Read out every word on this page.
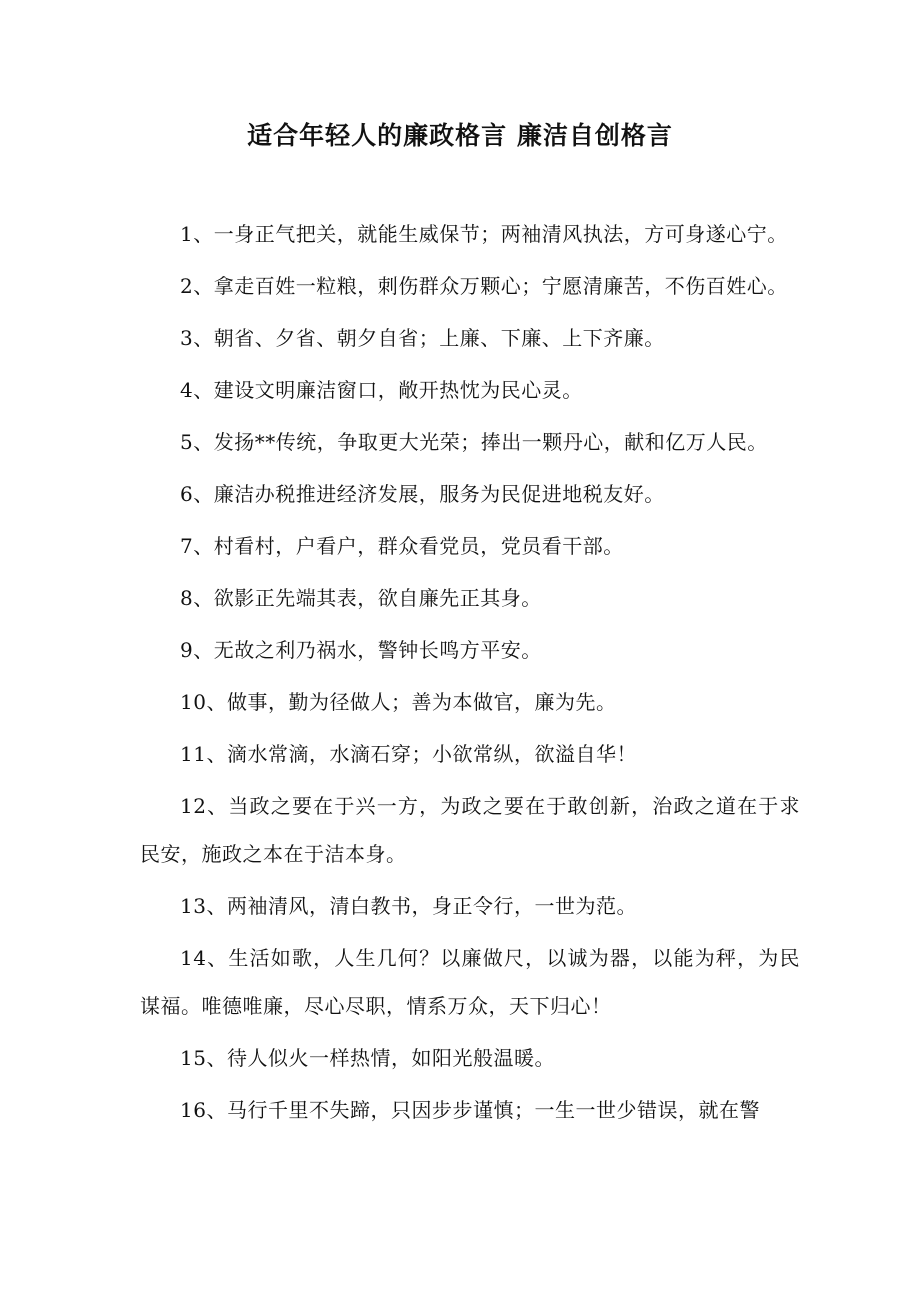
适合年轻人的廉政格言 廉洁自创格言

1、一身正气把关，就能生威保节；两袖清风执法，方可身遂心宁。

2、拿走百姓一粒粮，刺伤群众万颗心；宁愿清廉苦，不伤百姓心。

3、朝省、夕省、朝夕自省；上廉、下廉、上下齐廉。

4、建设文明廉洁窗口，敞开热忱为民心灵。

5、发扬**传统，争取更大光荣；捧出一颗丹心，献和亿万人民。

6、廉洁办税推进经济发展，服务为民促进地税友好。

7、村看村，户看户，群众看党员，党员看干部。

8、欲影正先端其表，欲自廉先正其身。

9、无故之利乃祸水，警钟长鸣方平安。

10、做事，勤为径做人；善为本做官，廉为先。

11、滴水常滴，水滴石穿；小欲常纵，欲溢自华！

12、当政之要在于兴一方，为政之要在于敢创新，治政之道在于求民安，施政之本在于洁本身。

13、两袖清风，清白教书，身正令行，一世为范。

14、生活如歌，人生几何？以廉做尺，以诚为器，以能为秤，为民谋福。唯德唯廉，尽心尽职，情系万众，天下归心！

15、待人似火一样热情，如阳光般温暖。

16、马行千里不失蹄，只因步步谨慎；一生一世少错误，就在警
